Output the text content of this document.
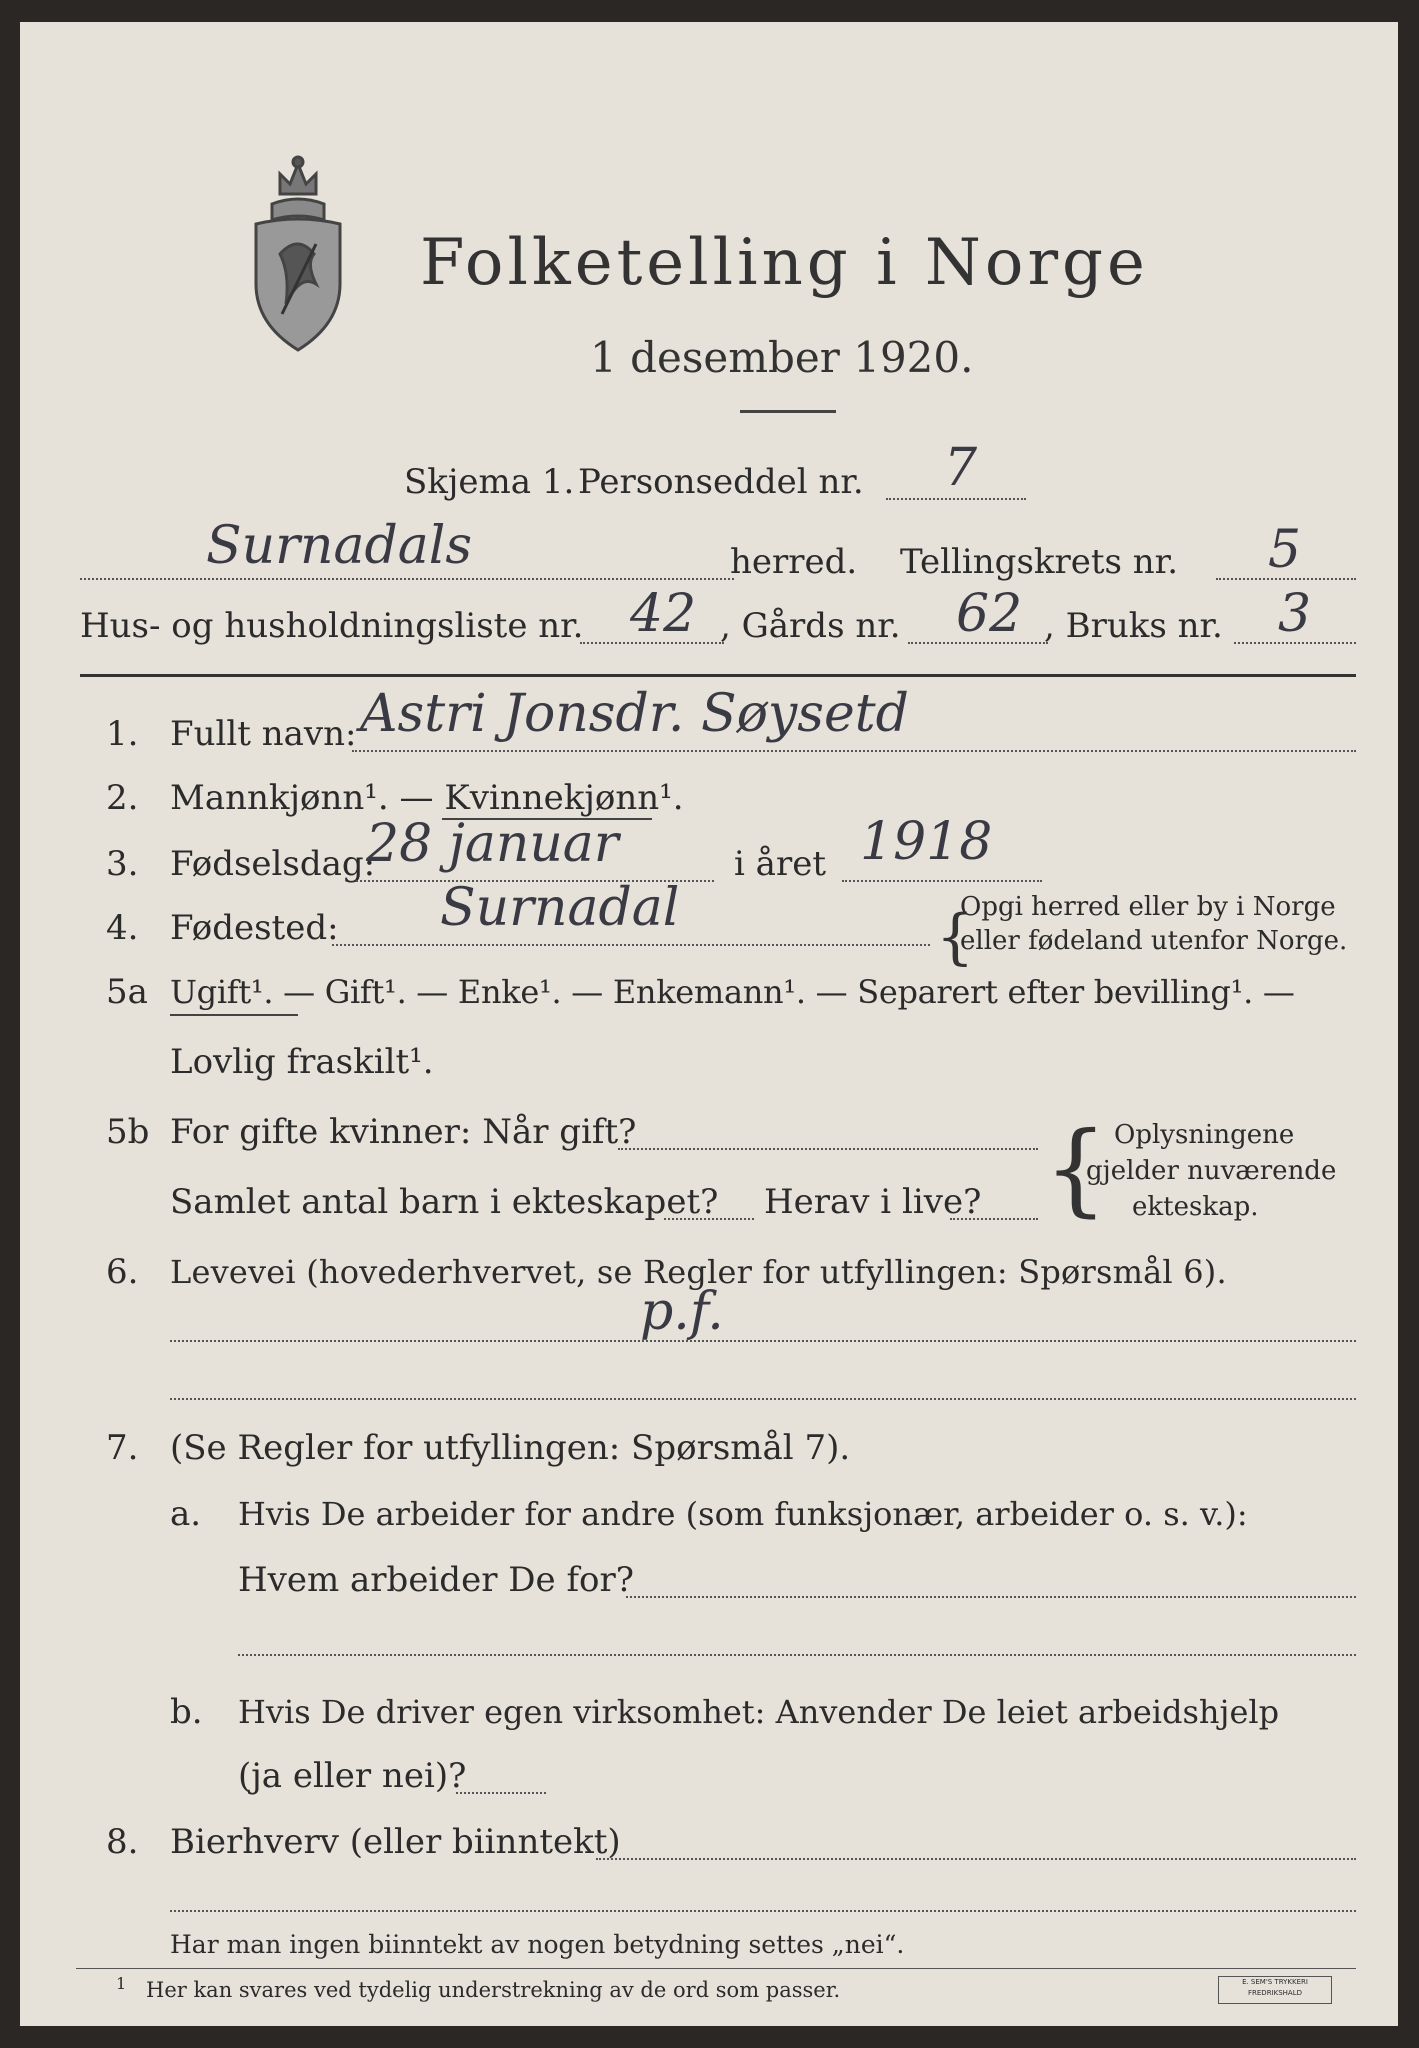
Folketelling i Norge
1 desember 1920.
Skjema 1. Personseddel nr. 7
Surnadals	herred. Tellingskrets nr. 5
Hus- og husholdningsliste nr. 42 , Gårds nr. 62 , Bruks nr. 3
1. Fullt navn: Astri Jonsdr. Søysetd
2. Mannkjønn¹. — Kvinnekjønn¹.
3. Fødselsdag:
28 januar	i året 1918
4. Fødested: Surnadal	{
Opgi herred eller by i Norge
eller fødeland utenfor Norge.
5a Ugift¹. — Gift¹. — Enke¹. — Enkemann¹. — Separert efter bevilling¹. —
Lovlig fraskilt¹.
5b For gifte kvinner: Når gift?
Samlet antal barn i ekteskapet? Herav i live? { Oplysningene
gjelder nuværende
ekteskap.
6. Levevei (hovederhvervet, se Regler for utfyllingen: Spørsmål 6).
p.f.
7. (Se Regler for utfyllingen: Spørsmål 7).
a. Hvis De arbeider for andre (som funksjonær, arbeider o. s. v.):
Hvem arbeider De for?
b. Hvis De driver egen virksomhet: Anvender De leiet arbeidshjelp
(ja eller nei)?
8. Bierhverv (eller biinntekt)
Har man ingen biinntekt av nogen betydning settes „nei“.
1 Her kan svares ved tydelig understrekning av de ord som passer.	E. SEM'S TRYKKERI
FREDRIKSHALD
